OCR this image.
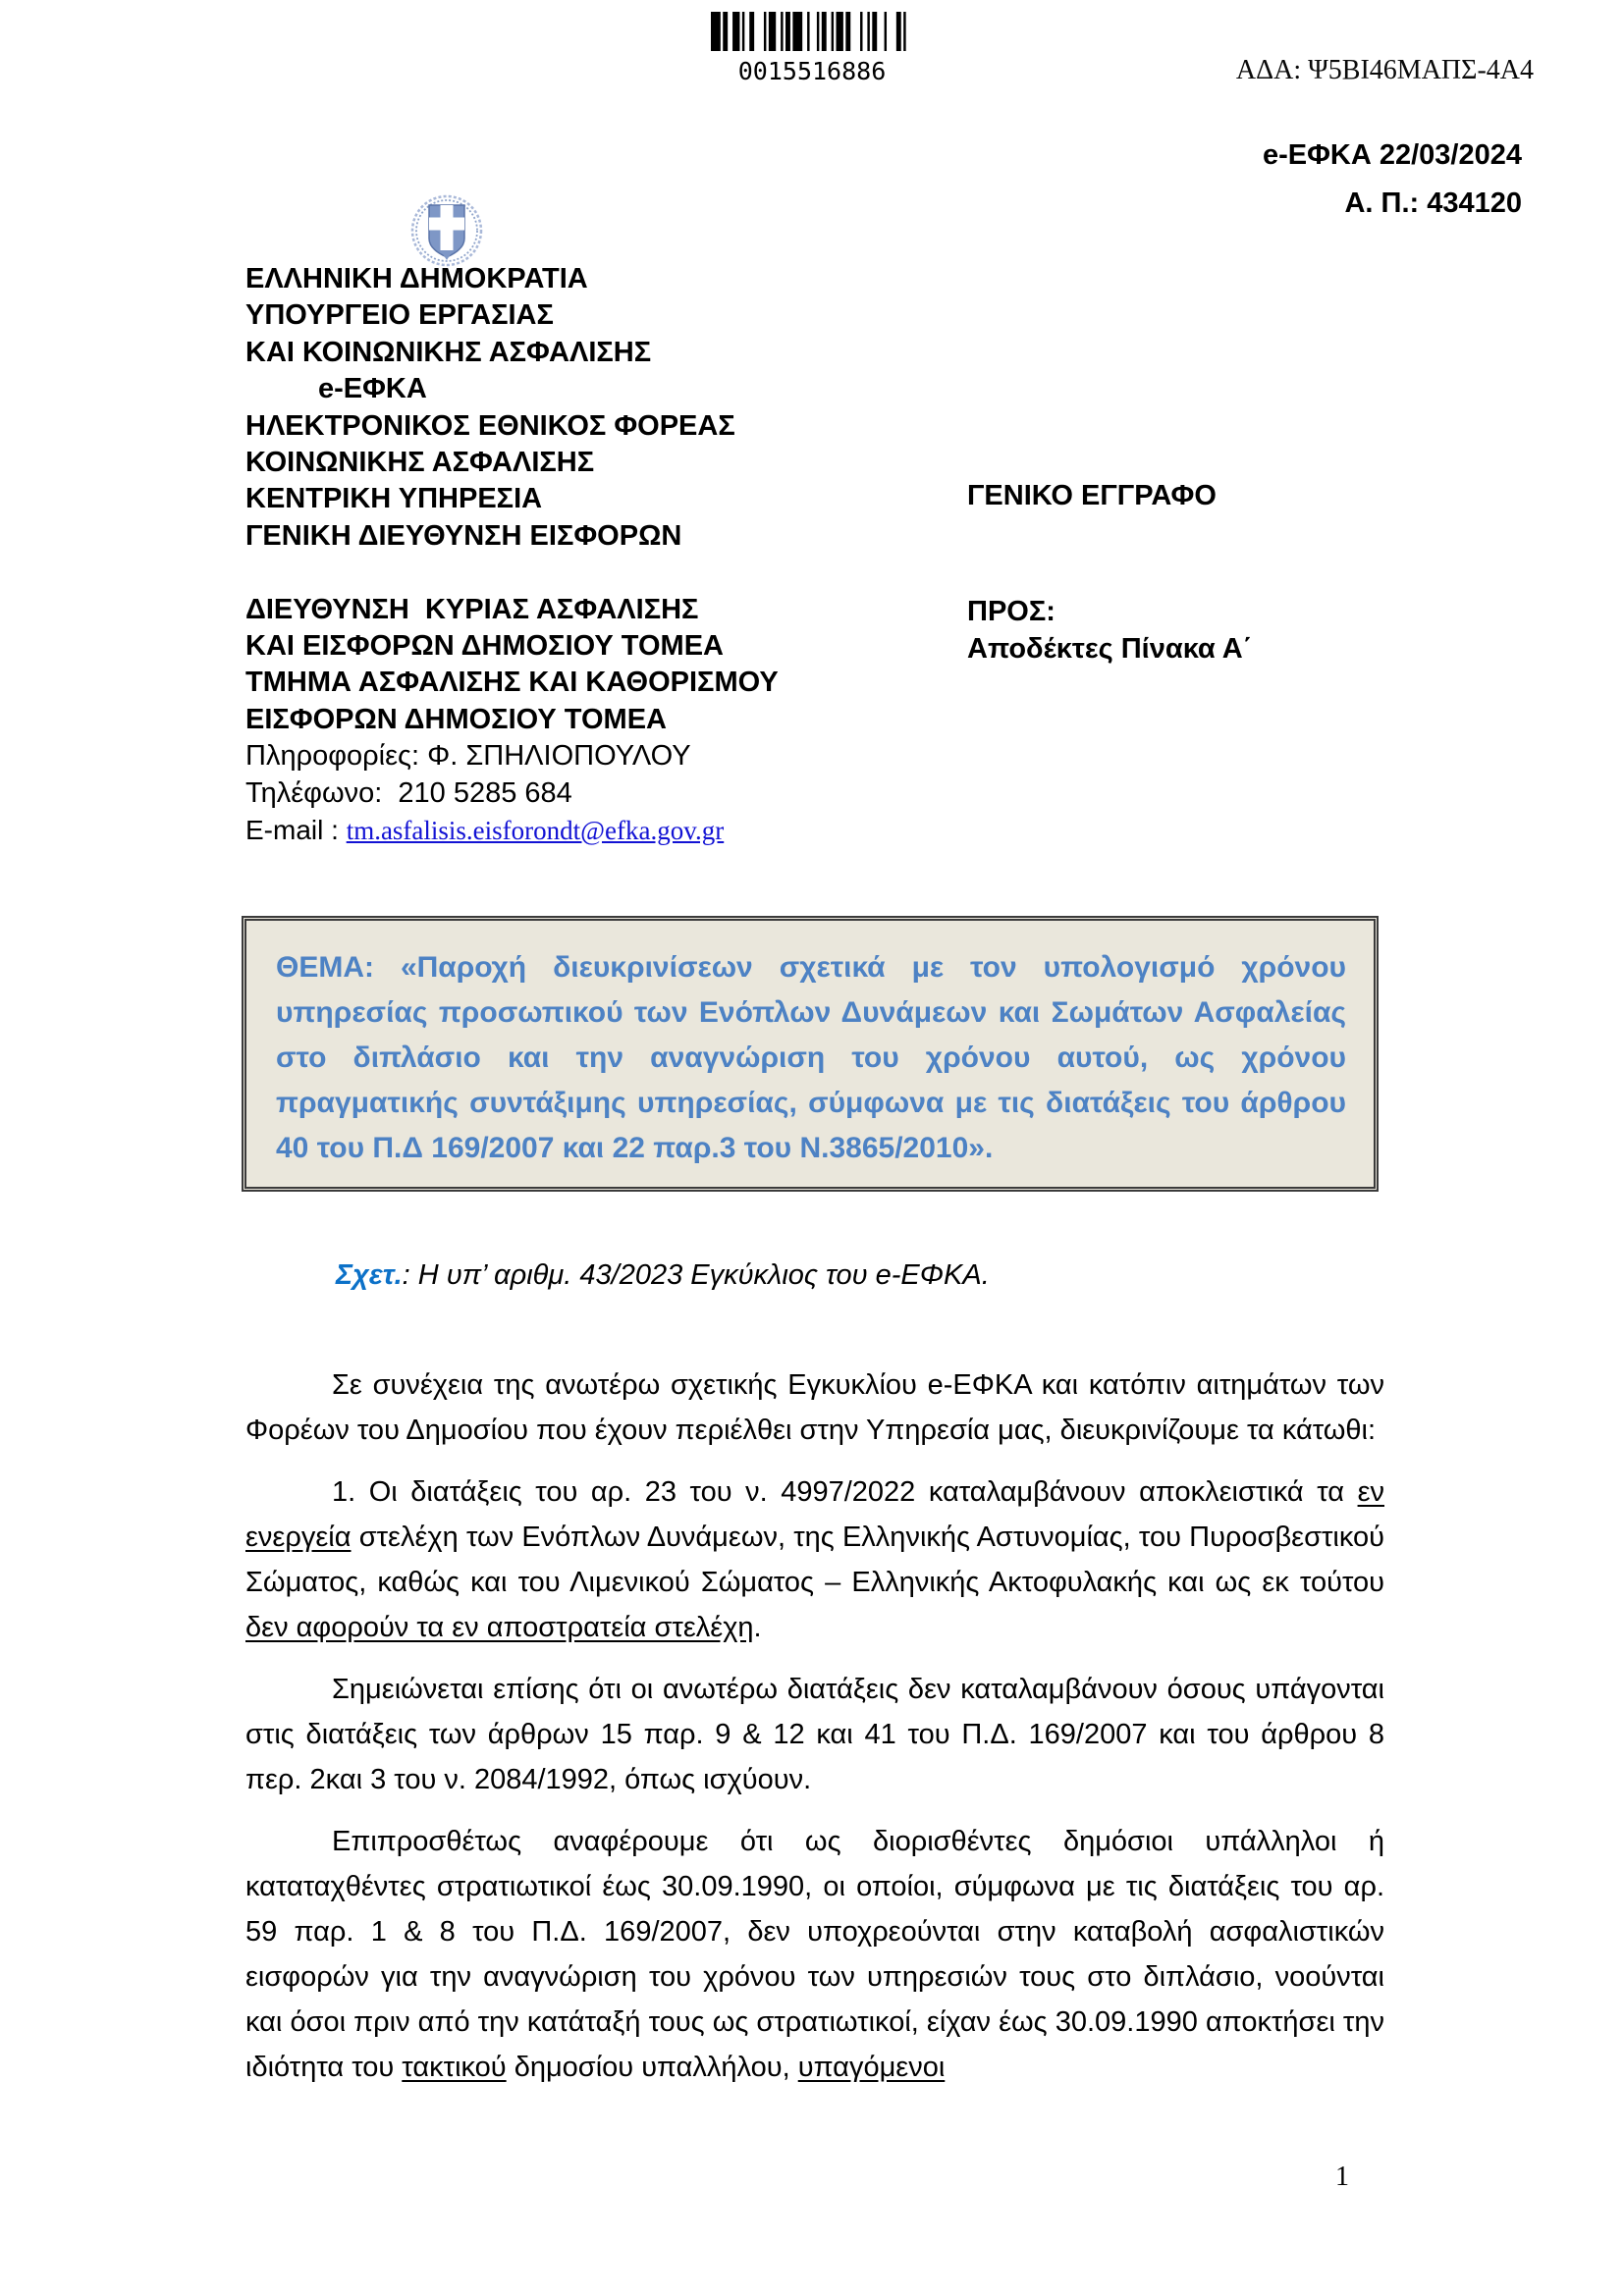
0015516886	ΑΔΑ: Ψ5ΒΙ46ΜΑΠΣ-4Α4
e-ΕΦΚΑ 22/03/2024
Α. Π.: 434120
ΕΛΛΗΝΙΚΗ ΔΗΜΟΚΡΑΤΙΑ
ΥΠΟΥΡΓΕΙΟ ΕΡΓΑΣΙΑΣ
ΚΑΙ ΚΟΙΝΩΝΙΚΗΣ ΑΣΦΑΛΙΣΗΣ
e-ΕΦΚΑ
ΗΛΕΚΤΡΟΝΙΚΟΣ ΕΘΝΙΚΟΣ ΦΟΡΕΑΣ
ΚΟΙΝΩΝΙΚΗΣ ΑΣΦΑΛΙΣΗΣ
ΚΕΝΤΡΙΚΗ ΥΠΗΡΕΣΙΑ
ΓΕΝΙΚΗ ΔΙΕΥΘΥΝΣΗ ΕΙΣΦΟΡΩΝ

ΔΙΕΥΘΥΝΣΗ  ΚΥΡΙΑΣ ΑΣΦΑΛΙΣΗΣ
ΚΑΙ ΕΙΣΦΟΡΩΝ ΔΗΜΟΣΙΟΥ ΤΟΜΕΑ
ΤΜΗΜΑ ΑΣΦΑΛΙΣΗΣ ΚΑΙ ΚΑΘΟΡΙΣΜΟΥ
ΕΙΣΦΟΡΩΝ ΔΗΜΟΣΙΟΥ ΤΟΜΕΑ
Πληροφορίες: Φ. ΣΠΗΛΙΟΠΟΥΛΟΥ
Τηλέφωνο:  210 5285 684
E-mail : tm.asfalisis.eisforondt@efka.gov.gr
ΓΕΝΙΚΟ ΕΓΓΡΑΦΟ
ΠΡΟΣ:
Αποδέκτες Πίνακα Α΄
ΘΕΜΑ: «Παροχή διευκρινίσεων σχετικά με τον υπολογισμό χρόνου υπηρεσίας προσωπικού των Ενόπλων Δυνάμεων και Σωμάτων Ασφαλείας στο διπλάσιο και την αναγνώριση του χρόνου αυτού, ως χρόνου πραγματικής συντάξιμης υπηρεσίας, σύμφωνα με τις διατάξεις του άρθρου 40 του Π.Δ 169/2007 και 22 παρ.3 του Ν.3865/2010».
Σχετ.: Η υπ’ αριθμ. 43/2023 Εγκύκλιος του e-ΕΦΚΑ.

Σε συνέχεια της ανωτέρω σχετικής Εγκυκλίου e-ΕΦΚΑ και κατόπιν αιτημάτων των Φορέων του Δημοσίου που έχουν περιέλθει στην Υπηρεσία μας, διευκρινίζουμε τα κάτωθι:

1. Οι διατάξεις του αρ. 23 του ν. 4997/2022 καταλαμβάνουν αποκλειστικά τα εν ενεργεία στελέχη των Ενόπλων Δυνάμεων, της Ελληνικής Αστυνομίας, του Πυροσβεστικού Σώματος, καθώς και του Λιμενικού Σώματος – Ελληνικής Ακτοφυλακής και ως εκ τούτου δεν αφορούν τα εν αποστρατεία στελέχη.

Σημειώνεται επίσης ότι οι ανωτέρω διατάξεις δεν καταλαμβάνουν όσους υπάγονται στις διατάξεις των άρθρων 15 παρ. 9 & 12 και 41 του Π.Δ. 169/2007 και του άρθρου 8 περ. 2και 3 του ν. 2084/1992, όπως ισχύουν.

Επιπροσθέτως αναφέρουμε ότι ως διορισθέντες δημόσιοι υπάλληλοι ή καταταχθέντες στρατιωτικοί έως 30.09.1990, οι οποίοι, σύμφωνα με τις διατάξεις του αρ. 59 παρ. 1 & 8 του Π.Δ. 169/2007, δεν υποχρεούνται στην καταβολή ασφαλιστικών εισφορών για την αναγνώριση του χρόνου των υπηρεσιών τους στο διπλάσιο, νοούνται και όσοι πριν από την κατάταξή τους ως στρατιωτικοί, είχαν έως 30.09.1990 αποκτήσει την ιδιότητα του τακτικού δημοσίου υπαλλήλου, υπαγόμενοι

1
